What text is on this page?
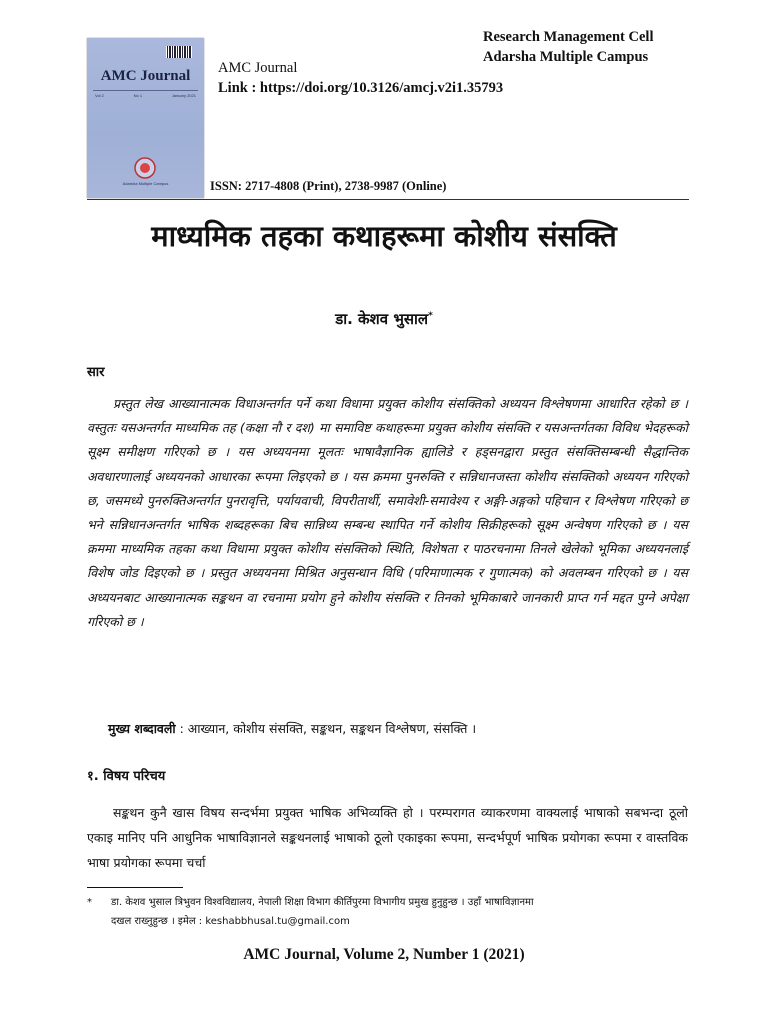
AMC Journal
Vol 2	No 1	January 2021
Adarsha Multiple Campus
Research Management Cell
Adarsha Multiple Campus
AMC Journal
Link : https://doi.org/10.3126/amcj.v2i1.35793
ISSN: 2717-4808 (Print), 2738-9987 (Online)
माध्यमिक तहका कथाहरूमा कोशीय संसक्ति
डा. केशव भुसाल*
सार

प्रस्तुत लेख आख्यानात्मक विधाअन्तर्गत पर्ने कथा विधामा प्रयुक्त कोशीय संसक्तिको अध्ययन विश्लेषणमा आधारित रहेको छ । वस्तुतः यसअन्तर्गत माध्यमिक तह (कक्षा नौ र दश) मा समाविष्ट कथाहरूमा प्रयुक्त कोशीय संसक्ति र यसअन्तर्गतका विविध भेदहरूको सूक्ष्म समीक्षण गरिएको छ । यस अध्ययनमा मूलतः भाषावैज्ञानिक ह्यालिडे र हड्सनद्वारा प्रस्तुत संसक्तिसम्बन्धी सैद्धान्तिक अवधारणालाई अध्ययनको आधारका रूपमा लिइएको छ । यस क्रममा पुनरुक्ति र सन्निधानजस्ता कोशीय संसक्तिको अध्ययन गरिएको छ, जसमध्ये पुनरुक्तिअन्तर्गत पुनरावृत्ति, पर्यायवाची, विपरीतार्थी, समावेशी-समावेश्य र अङ्गी-अङ्गको पहिचान र विश्लेषण गरिएको छ भने सन्निधानअन्तर्गत भाषिक शब्दहरूका बिच सान्निध्य सम्बन्ध स्थापित गर्ने कोशीय सिक्रीहरूको सूक्ष्म अन्वेषण गरिएको छ । यस क्रममा माध्यमिक तहका कथा विधामा प्रयुक्त कोशीय संसक्तिको स्थिति, विशेषता र पाठरचनामा तिनले खेलेको भूमिका अध्ययनलाई विशेष जोड दिइएको छ । प्रस्तुत अध्ययनमा मिश्रित अनुसन्धान विधि (परिमाणात्मक र गुणात्मक) को अवलम्बन गरिएको छ । यस अध्ययनबाट आख्यानात्मक सङ्कथन वा रचनामा प्रयोग हुने कोशीय संसक्ति र तिनको भूमिकाबारे जानकारी प्राप्त गर्न मद्दत पुग्ने अपेक्षा गरिएको छ ।

मुख्य शब्दावली : आख्यान, कोशीय संसक्ति, सङ्कथन, सङ्कथन विश्लेषण, संसक्ति ।
१. विषय परिचय

सङ्कथन कुनै खास विषय सन्दर्भमा प्रयुक्त भाषिक अभिव्यक्ति हो । परम्परागत व्याकरणमा वाक्यलाई भाषाको सबभन्दा ठूलो एकाइ मानिए पनि आधुनिक भाषाविज्ञानले सङ्कथनलाई भाषाको ठूलो एकाइका रूपमा, सन्दर्भपूर्ण भाषिक प्रयोगका रूपमा र वास्तविक भाषा प्रयोगका रूपमा चर्चा

* डा. केशव भुसाल त्रिभुवन विश्वविद्यालय, नेपाली शिक्षा विभाग कीर्तिपुरमा विभागीय प्रमुख हुनुहुन्छ । उहाँ भाषाविज्ञानमा
दखल राख्नुहुन्छ । इमेल : keshabbhusal.tu@gmail.com
AMC Journal, Volume 2, Number 1 (2021)
